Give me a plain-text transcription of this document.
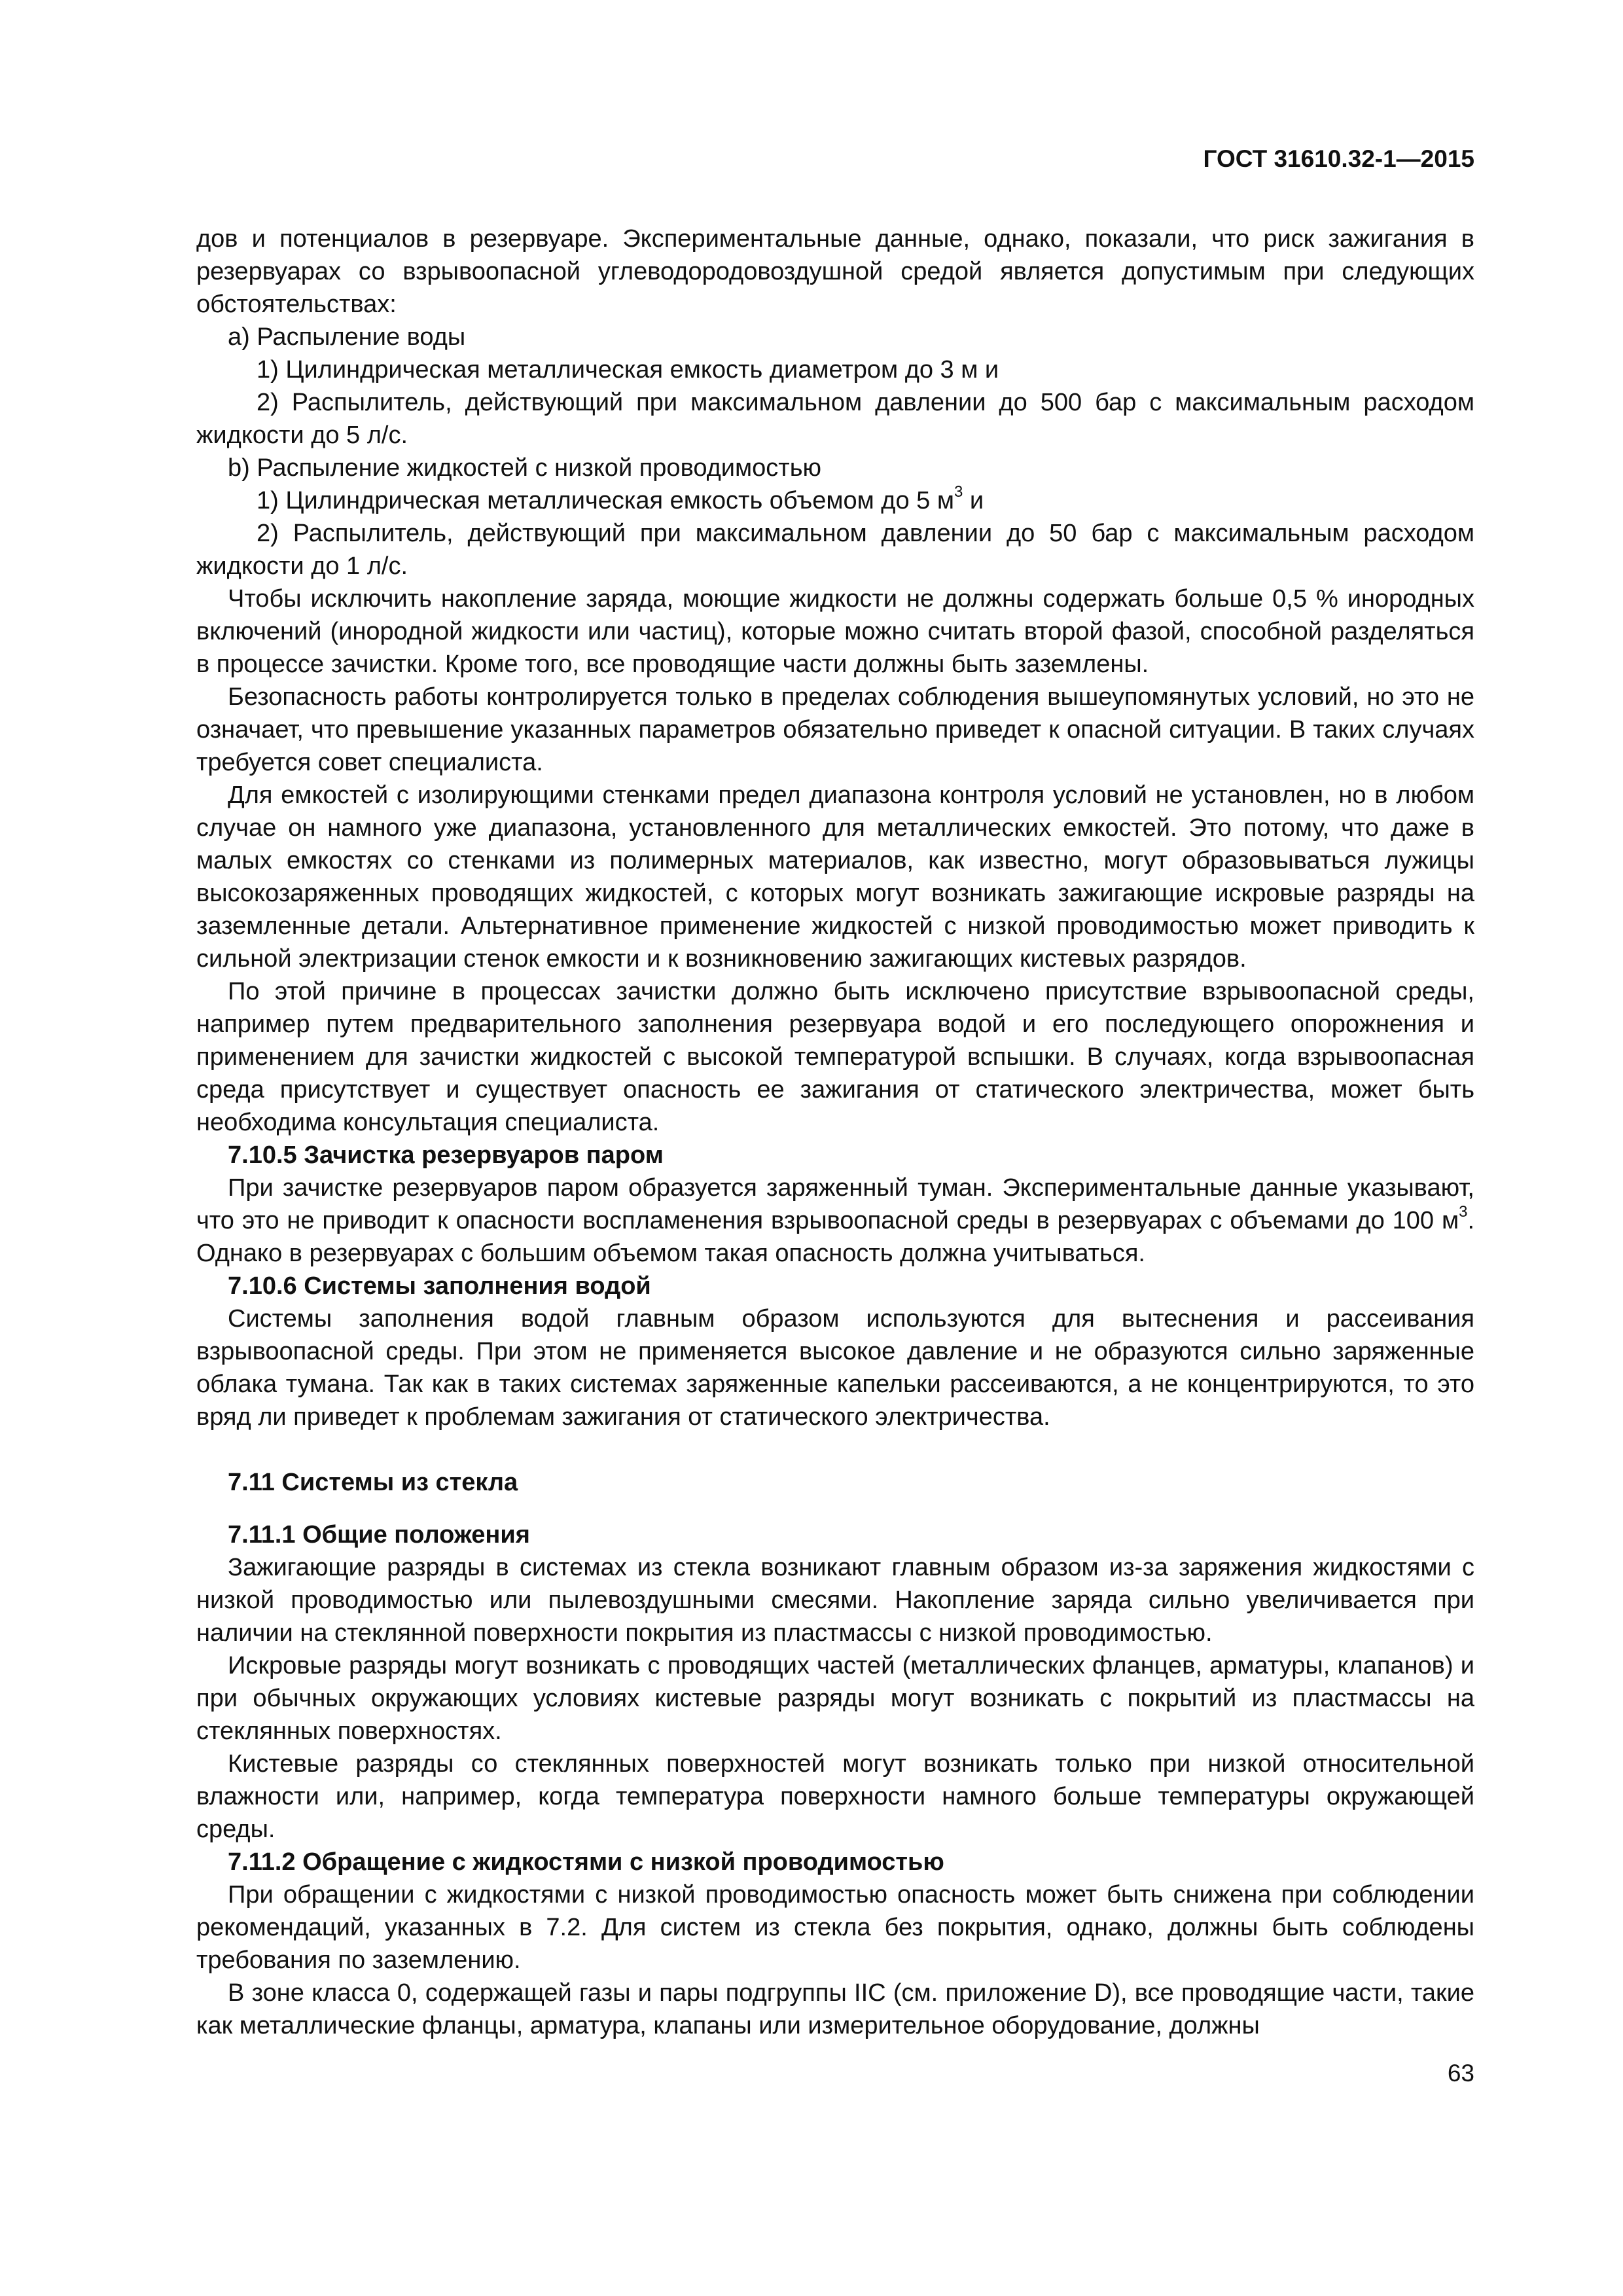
ГОСТ 31610.32-1—2015

дов и потенциалов в резервуаре. Экспериментальные данные, однако, показали, что риск зажигания в резервуарах со взрывоопасной углеводородовоздушной средой является допустимым при следующих обстоятельствах:

a) Распыление воды

1) Цилиндрическая металлическая емкость диаметром до 3 м и

2) Распылитель, действующий при максимальном давлении до 500 бар с максимальным расходом жидкости до 5 л/с.

b) Распыление жидкостей с низкой проводимостью

1) Цилиндрическая металлическая емкость объемом до 5 $м^3$ и

2) Распылитель, действующий при максимальном давлении до 50 бар с максимальным расходом жидкости до 1 л/с.

Чтобы исключить накопление заряда, моющие жидкости не должны содержать больше 0,5 % инородных включений (инородной жидкости или частиц), которые можно считать второй фазой, способной разделяться в процессе зачистки. Кроме того, все проводящие части должны быть заземлены.

Безопасность работы контролируется только в пределах соблюдения вышеупомянутых условий, но это не означает, что превышение указанных параметров обязательно приведет к опасной ситуации. В таких случаях требуется совет специалиста.

Для емкостей с изолирующими стенками предел диапазона контроля условий не установлен, но в любом случае он намного уже диапазона, установленного для металлических емкостей. Это потому, что даже в малых емкостях со стенками из полимерных материалов, как известно, могут образовываться лужицы высокозаряженных проводящих жидкостей, с которых могут возникать зажигающие искровые разряды на заземленные детали. Альтернативное применение жидкостей с низкой проводимостью может приводить к сильной электризации стенок емкости и к возникновению зажигающих кистевых разрядов.

По этой причине в процессах зачистки должно быть исключено присутствие взрывоопасной среды, например путем предварительного заполнения резервуара водой и его последующего опорожнения и применением для зачистки жидкостей с высокой температурой вспышки. В случаях, когда взрывоопасная среда присутствует и существует опасность ее зажигания от статического электричества, может быть необходима консультация специалиста.

7.10.5 Зачистка резервуаров паром

При зачистке резервуаров паром образуется заряженный туман. Экспериментальные данные указывают, что это не приводит к опасности воспламенения взрывоопасной среды в резервуарах с объемами до 100 $м^3$. Однако в резервуарах с большим объемом такая опасность должна учитываться.

7.10.6 Системы заполнения водой

Системы заполнения водой главным образом используются для вытеснения и рассеивания взрывоопасной среды. При этом не применяется высокое давление и не образуются сильно заряженные облака тумана. Так как в таких системах заряженные капельки рассеиваются, а не концентрируются, то это вряд ли приведет к проблемам зажигания от статического электричества.

7.11 Системы из стекла
7.11.1 Общие положения

Зажигающие разряды в системах из стекла возникают главным образом из-за заряжения жидкостями с низкой проводимостью или пылевоздушными смесями. Накопление заряда сильно увеличивается при наличии на стеклянной поверхности покрытия из пластмассы с низкой проводимостью.

Искровые разряды могут возникать с проводящих частей (металлических фланцев, арматуры, клапанов) и при обычных окружающих условиях кистевые разряды могут возникать с покрытий из пластмассы на стеклянных поверхностях.

Кистевые разряды со стеклянных поверхностей могут возникать только при низкой относительной влажности или, например, когда температура поверхности намного больше температуры окружающей среды.

7.11.2 Обращение с жидкостями с низкой проводимостью

При обращении с жидкостями с низкой проводимостью опасность может быть снижена при соблюдении рекомендаций, указанных в 7.2. Для систем из стекла без покрытия, однако, должны быть соблюдены требования по заземлению.

В зоне класса 0, содержащей газы и пары подгруппы IIC (см. приложение D), все проводящие части, такие как металлические фланцы, арматура, клапаны или измерительное оборудование, должны

63
